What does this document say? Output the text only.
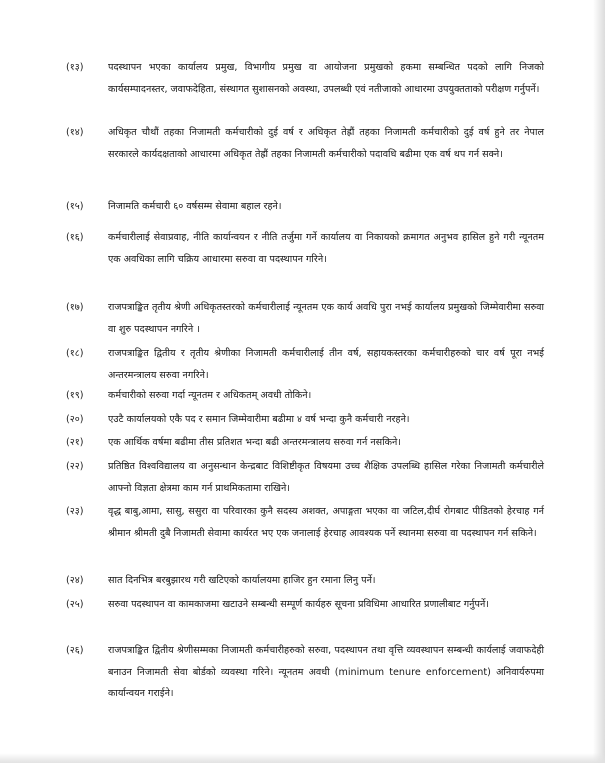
(१३)	पदस्थापन भएका कार्यालय प्रमुख, विभागीय प्रमुख वा आयोजना प्रमुखको हकमा सम्बन्धित पदको लागि निजको कार्यसम्पादनस्तर, जवाफदेहिता, संस्थागत सुशासनको अवस्था, उपलब्धी एवं नतीजाको आधारमा उपयुक्तताको परीक्षण गर्नुपर्ने।
(१४)	अधिकृत चौथौं तहका निजामती कर्मचारीको दुई वर्ष र अधिकृत तेह्रौं तहका निजामती कर्मचारीको दुई वर्ष हुने तर नेपाल सरकारले कार्यदक्षताको आधारमा अधिकृत तेह्रौं तहका निजामती कर्मचारीको पदावधि बढीमा एक वर्ष थप गर्न सक्ने।
(१५)	निजामति कर्मचारी ६० वर्षसम्म सेवामा बहाल रहने।
(१६)	कर्मचारीलाई सेवाप्रवाह, नीति कार्यान्वयन र नीति तर्जुमा गर्ने कार्यालय वा निकायको क्रमागत अनुभव हासिल हुने गरी न्यूनतम एक अवधिका लागि चक्रिय आधारमा सरुवा वा पदस्थापन गरिने।
(१७)	राजपत्राङ्कित तृतीय श्रेणी अधिकृतस्तरको कर्मचारीलाई न्यूनतम एक कार्य अवधि पुरा नभई कार्यालय प्रमुखको जिम्मेवारीमा सरुवा वा शुरु पदस्थापन नगरिने ।
(१८)	राजपत्राङ्कित द्वितीय र तृतीय श्रेणीका निजामती कर्मचारीलाई तीन वर्ष, सहायकस्तरका कर्मचारीहरुको चार वर्ष पूरा नभई अन्तरमन्त्रालय सरुवा नगरिने।
(१९)	कर्मचारीको सरुवा गर्दा न्यूनतम र अधिकतम् अवधी तोकिने।
(२०)	एउटै कार्यालयको एकै पद र समान जिम्मेवारीमा बढीमा ४ वर्ष भन्दा कुनै कर्मचारी नरहने।
(२१)	एक आर्थिक वर्षमा बढीमा तीस प्रतिशत भन्दा बढी अन्तरमन्त्रालय सरुवा गर्न नसकिने।
(२२)	प्रतिष्ठित विश्वविद्यालय वा अनुसन्धान केन्द्रबाट विशिष्टीकृत विषयमा उच्च शैक्षिक उपलब्धि हासिल गरेका निजामती कर्मचारीले आफ्नो विज्ञता क्षेत्रमा काम गर्न प्राथमिकतामा राखिने।
(२३)	वृद्ध बाबु,आमा, सासु, ससुरा वा परिवारका कुनै सदस्य अशक्त, अपाङ्गता भएका वा जटिल,दीर्घ रोगबाट पीडितको हेरचाह गर्न श्रीमान श्रीमती दुबै निजामती सेवामा कार्यरत भए एक जनालाई हेरचाह आवश्यक पर्ने स्थानमा सरुवा वा पदस्थापन गर्न सकिने।
(२४)	सात दिनभित्र बरबुझारथ गरी खटिएको कार्यालयमा हाजिर हुन रमाना लिनु पर्ने।
(२५)	सरुवा पदस्थापन वा कामकाजमा खटाउने सम्बन्धी सम्पूर्ण कार्यहरु सूचना प्रविधिमा आधारित प्रणालीबाट गर्नुपर्ने।
(२६)	राजपत्राङ्कित द्वितीय श्रेणीसम्मका निजामती कर्मचारीहरुको सरुवा, पदस्थापन तथा वृत्ति व्यवस्थापन सम्बन्धी कार्यलाई जवाफदेही बनाउन निजामती सेवा बोर्डको व्यवस्था गरिने। न्यूनतम अवधी (minimum tenure enforcement) अनिवार्यरुपमा कार्यान्वयन गराईने।
